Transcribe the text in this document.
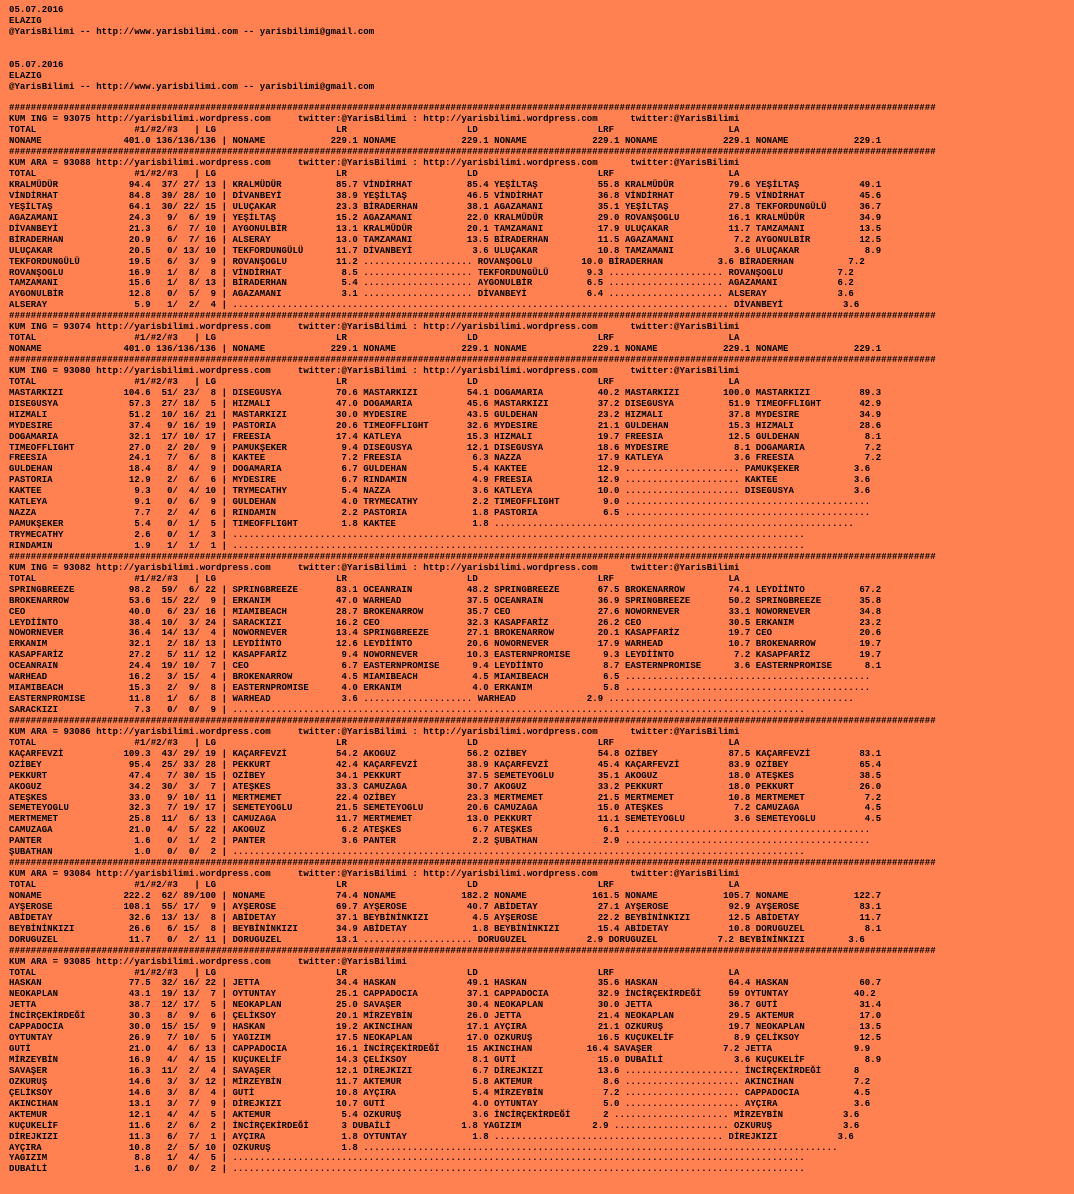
05.07.2016
ELAZIG
@YarisBilimi -- http://www.yarisbilimi.com -- yarisbilimi@gmail.com
05.07.2016
ELAZIG
@YarisBilimi -- http://www.yarisbilimi.com -- yarisbilimi@gmail.com
##########################################################################################################################################################################
KUM ING = 93075 http://yarisbilimi.wordpress.com     twitter:@YarisBilimi : http://yarisbilimi.wordpress.com      twitter:@YarisBilimi
TOTAL                  #1/#2/#3   | LG                      LR                      LD                      LRF                     LA
NONAME               401.0 136/136/136 | NONAME            229.1 NONAME            229.1 NONAME            229.1 NONAME            229.1 NONAME            229.1
##########################################################################################################################################################################
KUM ARA = 93088 http://yarisbilimi.wordpress.com     twitter:@YarisBilimi : http://yarisbilimi.wordpress.com      twitter:@YarisBilimi
TOTAL                  #1/#2/#3   | LG                      LR                      LD                      LRF                     LA
KRALMÜDÜR             94.4  37/ 27/ 13 | KRALMÜDÜR          85.7 VİNDİRHAT          85.4 YEŞİLTAŞ           55.8 KRALMÜDÜR          79.6 YEŞİLTAŞ           49.1
VİNDİRHAT             84.8  39/ 28/ 10 | DİVANBEYİ          38.9 YEŞİLTAŞ           46.5 VİNDİRHAT          36.8 VİNDİRHAT          79.5 VİNDİRHAT          45.6
YEŞİLTAŞ              64.1  30/ 22/ 15 | ULUÇAKAR           23.3 BİRADERHAN         38.1 AGAZAMANI          35.1 YEŞİLTAŞ           27.8 TEKFORDUNGÜLÜ      36.7
AGAZAMANI             24.3   9/  6/ 19 | YEŞİLTAŞ           15.2 AGAZAMANI          22.0 KRALMÜDÜR          29.0 ROVANŞOGLU         16.1 KRALMÜDÜR          34.9
DİVANBEYİ             21.3   6/  7/ 10 | AYGONULBİR         13.1 KRALMÜDÜR          20.1 TAMZAMANI          17.9 ULUÇAKAR           11.7 TAMZAMANI          13.5
BİRADERHAN            20.9   6/  7/ 16 | ALSERAY            13.0 TAMZAMANI          13.5 BİRADERHAN         11.5 AGAZAMANI           7.2 AYGONULBİR         12.5
ULUÇAKAR              20.5   0/ 13/ 10 | TEKFORDUNGÜLÜ      11.7 DİVANBEYİ           3.6 ULUÇAKAR           10.8 TAMZAMANI           3.6 ULUÇAKAR            8.9
TEKFORDUNGÜLÜ         19.5   6/  3/  9 | ROVANŞOGLU         11.2 .................... ROVANŞOGLU         10.0 BİRADERHAN          3.6 BİRADERHAN          7.2
ROVANŞOGLU            16.9   1/  8/  8 | VİNDİRHAT           8.5 .................... TEKFORDUNGÜLÜ       9.3 ..................... ROVANŞOGLU          7.2
TAMZAMANI             15.6   1/  8/ 13 | BİRADERHAN          5.4 .................... AYGONULBİR          6.5 ..................... AGAZAMANI           6.2
AYGONULBİR            12.8   0/  5/  9 | AGAZAMANI           3.1 .................... DİVANBEYİ           6.4 ..................... ALSERAY             3.6
ALSERAY                5.9   1/  2/  4 | ........................................................................................... DİVANBEYİ           3.6
##########################################################################################################################################################################
KUM ING = 93074 http://yarisbilimi.wordpress.com     twitter:@YarisBilimi : http://yarisbilimi.wordpress.com      twitter:@YarisBilimi
TOTAL                  #1/#2/#3   | LG                      LR                      LD                      LRF                     LA
NONAME               401.0 136/136/136 | NONAME            229.1 NONAME            229.1 NONAME            229.1 NONAME            229.1 NONAME            229.1
##########################################################################################################################################################################
KUM ING = 93080 http://yarisbilimi.wordpress.com     twitter:@YarisBilimi : http://yarisbilimi.wordpress.com      twitter:@YarisBilimi
TOTAL                  #1/#2/#3   | LG                      LR                      LD                      LRF                     LA
MASTARKIZI           104.6  51/ 23/  8 | DISEGUSYA          70.6 MASTARKIZI         54.1 DOGAMARIA          40.2 MASTARKIZI        100.0 MASTARKIZI         89.3
DISEGUSYA             57.3  27/ 18/  5 | HIZMALI            47.0 DOGAMARIA          45.6 MASTARKIZI         37.2 DISEGUSYA          51.9 TIMEOFFLIGHT       42.9
HIZMALI               51.2  10/ 16/ 21 | MASTARKIZI         30.0 MYDESIRE           43.5 GULDEHAN           23.2 HIZMALI            37.8 MYDESIRE           34.9
MYDESIRE              37.4   9/ 16/ 19 | PASTORIA           20.6 TIMEOFFLIGHT       32.6 MYDESIRE           21.1 GULDEHAN           15.3 HIZMALI            28.6
DOGAMARIA             32.1  17/ 10/ 17 | FREESIA            17.4 KATLEYA            15.3 HIZMALI            19.7 FREESIA            12.5 GULDEHAN            8.1
TIMEOFFLIGHT          27.0   2/ 20/  9 | PAMUKŞEKER          9.4 DISEGUSYA          12.1 DISEGUSYA          18.6 MYDESIRE            8.1 DOGAMARIA           7.2
FREESIA               24.1   7/  6/  8 | KAKTEE              7.2 FREESIA             6.3 NAZZA              17.9 KATLEYA             3.6 FREESIA             7.2
GULDEHAN              18.4   8/  4/  9 | DOGAMARIA           6.7 GULDEHAN            5.4 KAKTEE             12.9 ..................... PAMUKŞEKER          3.6
PASTORIA              12.9   2/  6/  6 | MYDESIRE            6.7 RINDAMIN            4.9 FREESIA            12.9 ..................... KAKTEE              3.6
KAKTEE                 9.3   0/  4/ 10 | TRYMECATHY          5.4 NAZZA               3.6 KATLEYA            10.0 ..................... DISEGUSYA           3.6
KATLEYA                9.1   0/  6/  9 | GULDEHAN            4.0 TRYMECATHY          2.2 TIMEOFFLIGHT        9.0 .............................................
NAZZA                  7.7   2/  4/  6 | RINDAMIN            2.2 PASTORIA            1.8 PASTORIA            6.5 .............................................
PAMUKŞEKER             5.4   0/  1/  5 | TIMEOFFLIGHT        1.8 KAKTEE              1.8 ..................................................................
TRYMECATHY             2.6   0/  1/  3 | .........................................................................................................
RINDAMIN               1.9   1/  1/  1 | .........................................................................................................
##########################################################################################################################################################################
KUM ING = 93082 http://yarisbilimi.wordpress.com     twitter:@YarisBilimi : http://yarisbilimi.wordpress.com      twitter:@YarisBilimi
TOTAL                  #1/#2/#3   | LG                      LR                      LD                      LRF                     LA
SPRINGBREEZE          98.2  59/  6/ 22 | SPRINGBREEZE       83.1 OCEANRAIN          48.2 SPRINGBREEZE       67.5 BROKENARROW        74.1 LEYDİİNTO          67.2
BROKENARROW           53.6  15/ 22/  9 | ERKANIM            47.0 WARHEAD            37.5 OCEANRAIN          36.9 SPRINGBREEZE       50.2 SPRINGBREEZE       35.8
CEO                   40.0   6/ 23/ 16 | MIAMIBEACH         28.7 BROKENARROW        35.7 CEO                27.6 NOWORNEVER         33.1 NOWORNEVER         34.8
LEYDİİNTO             38.4  10/  3/ 24 | SARACKIZI          16.2 CEO                32.3 KASAPFARİZ         26.2 CEO                30.5 ERKANIM            23.2
NOWORNEVER            36.4  14/ 13/  4 | NOWORNEVER         13.4 SPRINGBREEZE       27.1 BROKENARROW        20.1 KASAPFARİZ         19.7 CEO                20.6
ERKANIM               32.1   2/ 18/ 13 | LEYDİİNTO          12.6 LEYDİİNTO          20.6 NOWORNEVER         17.9 WARHEAD            10.7 BROKENARROW        19.7
KASAPFARİZ            27.2   5/ 11/ 12 | KASAPFARİZ          9.4 NOWORNEVER         10.3 EASTERNPROMISE      9.3 LEYDİİNTO           7.2 KASAPFARİZ         19.7
OCEANRAIN             24.4  19/ 10/  7 | CEO                 6.7 EASTERNPROMISE      9.4 LEYDİİNTO           8.7 EASTERNPROMISE      3.6 EASTERNPROMISE      8.1
WARHEAD               16.2   3/ 15/  4 | BROKENARROW         4.5 MIAMIBEACH          4.5 MIAMIBEACH          6.5 .............................................
MIAMIBEACH            15.3   2/  9/  8 | EASTERNPROMISE      4.0 ERKANIM             4.0 ERKANIM             5.8 .............................................
EASTERNPROMISE        11.8   1/  6/  8 | WARHEAD             3.6 .................... WARHEAD             2.9 .............................................
SARACKIZI              7.3   0/  0/  9 | .........................................................................................................
##########################################################################################################################################################################
KUM ARA = 93086 http://yarisbilimi.wordpress.com     twitter:@YarisBilimi : http://yarisbilimi.wordpress.com      twitter:@YarisBilimi
TOTAL                  #1/#2/#3   | LG                      LR                      LD                      LRF                     LA
KAÇARFEVZİ           109.3  43/ 29/ 19 | KAÇARFEVZİ         54.2 AKOGUZ             56.2 OZİBEY             54.8 OZİBEY             87.5 KAÇARFEVZİ         83.1
OZİBEY                95.4  25/ 33/ 28 | PEKKURT            42.4 KAÇARFEVZİ         38.9 KAÇARFEVZİ         45.4 KAÇARFEVZİ         83.9 OZİBEY             65.4
PEKKURT               47.4   7/ 30/ 15 | OZİBEY             34.1 PEKKURT            37.5 SEMETEYOGLU        35.1 AKOGUZ             18.0 ATEŞKES            38.5
AKOGUZ                34.2  30/  3/  7 | ATEŞKES            33.3 CAMUZAGA           30.7 AKOGUZ             33.2 PEKKURT            18.0 PEKKURT            26.0
ATEŞKES               33.0   9/ 10/ 11 | MERTMEMET          22.4 OZİBEY             23.3 MERTMEMET          21.5 MERTMEMET          10.8 MERTMEMET           7.2
SEMETEYOGLU           32.3   7/ 19/ 17 | SEMETEYOGLU        21.5 SEMETEYOGLU        20.6 CAMUZAGA           15.0 ATEŞKES             7.2 CAMUZAGA            4.5
MERTMEMET             25.8  11/  6/ 13 | CAMUZAGA           11.7 MERTMEMET          13.0 PEKKURT            11.1 SEMETEYOGLU         3.6 SEMETEYOGLU         4.5
CAMUZAGA              21.0   4/  5/ 22 | AKOGUZ              6.2 ATEŞKES             6.7 ATEŞKES             6.1 .............................................
PANTER                 1.6   0/  1/  2 | PANTER              3.6 PANTER              2.2 ŞUBATHAN            2.9 .............................................
ŞUBATHAN               1.0   0/  0/  2 | .........................................................................................................
##########################################################################################################################################################################
KUM ARA = 93084 http://yarisbilimi.wordpress.com     twitter:@YarisBilimi : http://yarisbilimi.wordpress.com      twitter:@YarisBilimi
TOTAL                  #1/#2/#3   | LG                      LR                      LD                      LRF                     LA
NONAME               222.2  62/ 89/100 | NONAME             74.4 NONAME            182.2 NONAME            161.5 NONAME            105.7 NONAME            122.7
AYŞEROSE             108.1  55/ 17/  9 | AYŞEROSE           69.7 AYŞEROSE           40.7 ABİDETAY           27.1 AYŞEROSE           92.9 AYŞEROSE           83.1
ABİDETAY              32.6  13/ 13/  8 | ABİDETAY           37.1 BEYBİNİNKIZI        4.5 AYŞEROSE           22.2 BEYBİNİNKIZI       12.5 ABİDETAY           11.7
BEYBİNİNKIZI          26.6   6/ 15/  8 | BEYBİNİNKIZI       34.9 ABİDETAY            1.8 BEYBİNİNKIZI       15.4 ABİDETAY           10.8 DORUGUZEL           8.1
DORUGUZEL             11.7   0/  2/ 11 | DORUGUZEL          13.1 .................... DORUGUZEL           2.9 DORUGUZEL           7.2 BEYBİNİNKIZI        3.6
##########################################################################################################################################################################
KUM ARA = 93085 http://yarisbilimi.wordpress.com     twitter:@YarisBilimi
TOTAL                  #1/#2/#3   | LG                      LR                      LD                      LRF                     LA
HASKAN                77.5  32/ 16/ 22 | JETTA              34.4 HASKAN             49.1 HASKAN             35.6 HASKAN             64.4 HASKAN             60.7
NEOKAPLAN             43.1  19/ 13/  7 | OYTUNTAY           25.1 CAPPADOCIA         37.1 CAPPADOCIA         32.9 İNCİRÇEKİRDEĞİ     59 OYTUNTAY            40.2
JETTA                 38.7  12/ 17/  5 | NEOKAPLAN          25.0 SAVAŞER            30.4 NEOKAPLAN          30.0 JETTA              36.7 GUTİ               31.4
İNCİRÇEKİRDEĞİ        30.3   8/  9/  6 | ÇELİKSOY           20.1 MİRZEYBİN          26.0 JETTA              21.4 NEOKAPLAN          29.5 AKTEMUR            17.0
CAPPADOCIA            30.0  15/ 15/  9 | HASKAN             19.2 AKINCIHAN          17.1 AYÇIRA             21.1 OZKURUŞ            19.7 NEOKAPLAN          13.5
OYTUNTAY              26.9   7/ 10/  5 | YAGIZIM            17.5 NEOKAPLAN          17.0 OZKURUŞ            16.5 KUÇUKELİF           8.9 ÇELİKSOY           12.5
GUTİ                  21.0   4/  6/ 13 | CAPPADOCIA         16.1 İNCİRÇEKİRDEĞİ     15 AKINCIHAN          16.4 SAVAŞER             7.2 JETTA               9.9
MİRZEYBİN             16.9   4/  4/ 15 | KUÇUKELİF          14.3 ÇELİKSOY            8.1 GUTİ               15.0 DUBAİLİ             3.6 KUÇUKELİF           8.9
SAVAŞER               16.3  11/  2/  4 | SAVAŞER            12.1 DİREJKIZI           6.7 DİREJKIZI          13.6 ..................... İNCİRÇEKİRDEĞİ      8
OZKURUŞ               14.6   3/  3/ 12 | MİRZEYBİN          11.7 AKTEMUR             5.8 AKTEMUR             8.6 ..................... AKINCIHAN           7.2
ÇELİKSOY              14.6   3/  8/  4 | GUTİ               10.8 AYÇIRA              5.4 MİRZEYBİN           7.2 ..................... CAPPADOCIA          4.5
AKINCIHAN             13.1   3/  7/  9 | DİREJKIZI          10.7 GUTİ                4.0 OYTUNTAY            5.0 ..................... AYÇIRA              3.6
AKTEMUR               12.1   4/  4/  5 | AKTEMUR             5.4 OZKURUŞ             3.6 İNCİRÇEKİRDEĞİ      2 ..................... MİRZEYBİN           3.6
KUÇUKELİF             11.6   2/  6/  2 | İNCİRÇEKİRDEĞİ      3 DUBAİLİ             1.8 YAGIZIM             2.9 ..................... OZKURUŞ             3.6
DİREJKIZI             11.3   6/  7/  1 | AYÇIRA              1.8 OYTUNTAY            1.8 .......................................... DİREJKIZI           3.6
AYÇIRA                10.8   2/  5/ 10 | OZKURUŞ             1.8 .......................................................................................
YAGIZIM                8.8   1/  4/  5 | .........................................................................................................
DUBAİLİ                1.6   0/  0/  2 | .........................................................................................................
